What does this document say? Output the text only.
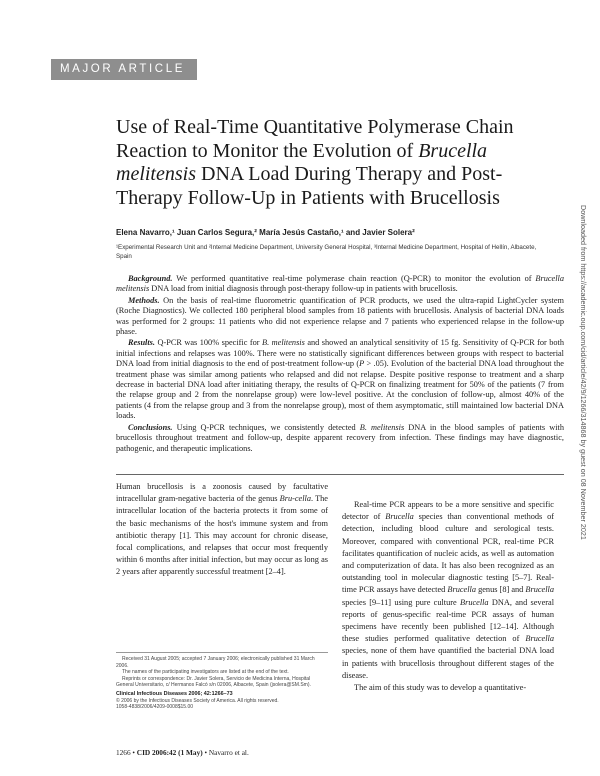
MAJOR ARTICLE
Use of Real-Time Quantitative Polymerase Chain Reaction to Monitor the Evolution of Brucella melitensis DNA Load During Therapy and Post-Therapy Follow-Up in Patients with Brucellosis
Elena Navarro,¹ Juan Carlos Segura,² María Jesús Castaño,¹ and Javier Solera²
¹Experimental Research Unit and ²Internal Medicine Department, University General Hospital, ³Internal Medicine Department, Hospital of Hellín, Albacete, Spain

Background. We performed quantitative real-time polymerase chain reaction (Q-PCR) to monitor the evolution of Brucella melitensis DNA load from initial diagnosis through post-therapy follow-up in patients with brucellosis.

Methods. On the basis of real-time fluorometric quantification of PCR products, we used the ultra-rapid LightCycler system (Roche Diagnostics). We collected 180 peripheral blood samples from 18 patients with brucellosis. Analysis of bacterial DNA loads was performed for 2 groups: 11 patients who did not experience relapse and 7 patients who experienced relapse in the follow-up phase.

Results. Q-PCR was 100% specific for B. melitensis and showed an analytical sensitivity of 15 fg. Sensitivity of Q-PCR for both initial infections and relapses was 100%. There were no statistically significant differences between groups with respect to bacterial DNA load from initial diagnosis to the end of post-treatment follow-up (P > .05). Evolution of the bacterial DNA load throughout the treatment phase was similar among patients who relapsed and did not relapse. Despite positive response to treatment and a sharp decrease in bacterial DNA load after initiating therapy, the results of Q-PCR on finalizing treatment for 50% of the patients (7 from the relapse group and 2 from the nonrelapse group) were low-level positive. At the conclusion of follow-up, almost 40% of the patients (4 from the relapse group and 3 from the nonrelapse group), most of them asymptomatic, still maintained low bacterial DNA loads.

Conclusions. Using Q-PCR techniques, we consistently detected B. melitensis DNA in the blood samples of patients with brucellosis throughout treatment and follow-up, despite apparent recovery from infection. These findings may have diagnostic, pathogenic, and therapeutic implications.

Human brucellosis is a zoonosis caused by facultative intracellular gram-negative bacteria of the genus Bru-cella. The intracellular location of the bacteria protects it from some of the basic mechanisms of the host's immune system and from antibiotic therapy [1]. This may account for chronic disease, focal complications, and relapses that occur most frequently within 6 months after initial infection, but may occur as long as 2 years after apparently successful treatment [2–4].

Real-time PCR appears to be a more sensitive and specific detector of Brucella species than conventional methods of detection, including blood culture and serological tests. Moreover, compared with conventional PCR, real-time PCR facilitates quantification of nucleic acids, as well as automation and computerization of data. It has also been recognized as an outstanding tool in molecular diagnostic testing [5–7]. Real-time PCR assays have detected Brucella genus [8] and Brucella species [9–11] using pure culture Brucella DNA, and several reports of genus-specific real-time PCR assays of human specimens have recently been published [12–14]. Although these studies performed qualitative detection of Brucella species, none of them have quantified the bacterial DNA load in patients with brucellosis throughout different stages of the disease.

The aim of this study was to develop a quantitative-

Received 31 August 2005; accepted 7 January 2006; electronically published 31 March 2006.
The names of the participating investigators are listed at the end of the text.
Reprints or correspondence: Dr. Javier Solera, Servicio de Medicina Interna, Hospital General Universitario, c/ Hermanos Falcó s/n 02006, Albacete, Spain (jsolera@SM.Sm).
Clinical Infectious Diseases 2006; 42:1266–73
© 2006 by the Infectious Diseases Society of America. All rights reserved.
1058-4838/2006/4209-0008$15.00
1266 • CID 2006:42 (1 May) • Navarro et al.
Downloaded from https://academic.oup.com/cid/article/42/9/1266/314868 by guest on 08 November 2021
